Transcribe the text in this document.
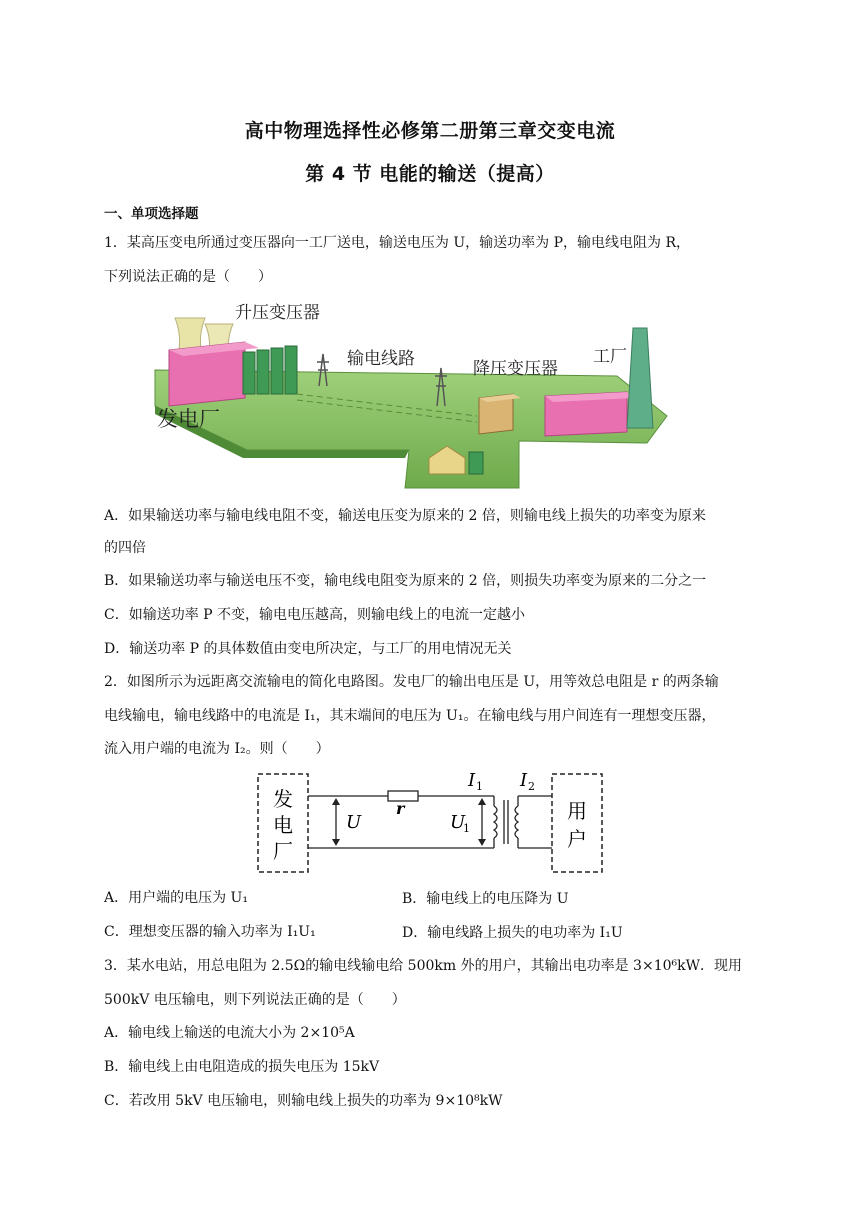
高中物理选择性必修第二册第三章交变电流
第 4 节 电能的输送（提高）
一、单项选择题
1．某高压变电所通过变压器向一工厂送电，输送电压为 U，输送功率为 P，输电线电阻为 R，
下列说法正确的是（　　）
升压变压器
输电线路	降压变压器
工厂
发电厂
A．如果输送功率与输电线电阻不变，输送电压变为原来的 2 倍，则输电线上损失的功率变为原来
的四倍
B．如果输送功率与输送电压不变，输电线电阻变为原来的 2 倍，则损失功率变为原来的二分之一
C．如输送功率 P 不变，输电电压越高，则输电线上的电流一定越小
D．输送功率 P 的具体数值由变电所决定，与工厂的用电情况无关
2．如图所示为远距离交流输电的简化电路图。发电厂的输出电压是 U，用等效总电阻是 r 的两条输
电线输电，输电线路中的电流是 I₁，其末端间的电压为 U₁。在输电线与用户间连有一理想变压器，
流入用户端的电流为 I₂。则（　　）
发
电
厂
用
户
U
r
U
1
I 1 I 2
A．用户端的电压为 U₁	B．输电线上的电压降为 U
C．理想变压器的输入功率为 I₁U₁	D．输电线路上损失的电功率为 I₁U
3．某水电站，用总电阻为 2.5Ω的输电线输电给 500km 外的用户，其输出电功率是 3×10⁶kW．现用
500kV 电压输电，则下列说法正确的是（　　）
A．输电线上输送的电流大小为 2×10⁵A
B．输电线上由电阻造成的损失电压为 15kV
C．若改用 5kV 电压输电，则输电线上损失的功率为 9×10⁸kW
